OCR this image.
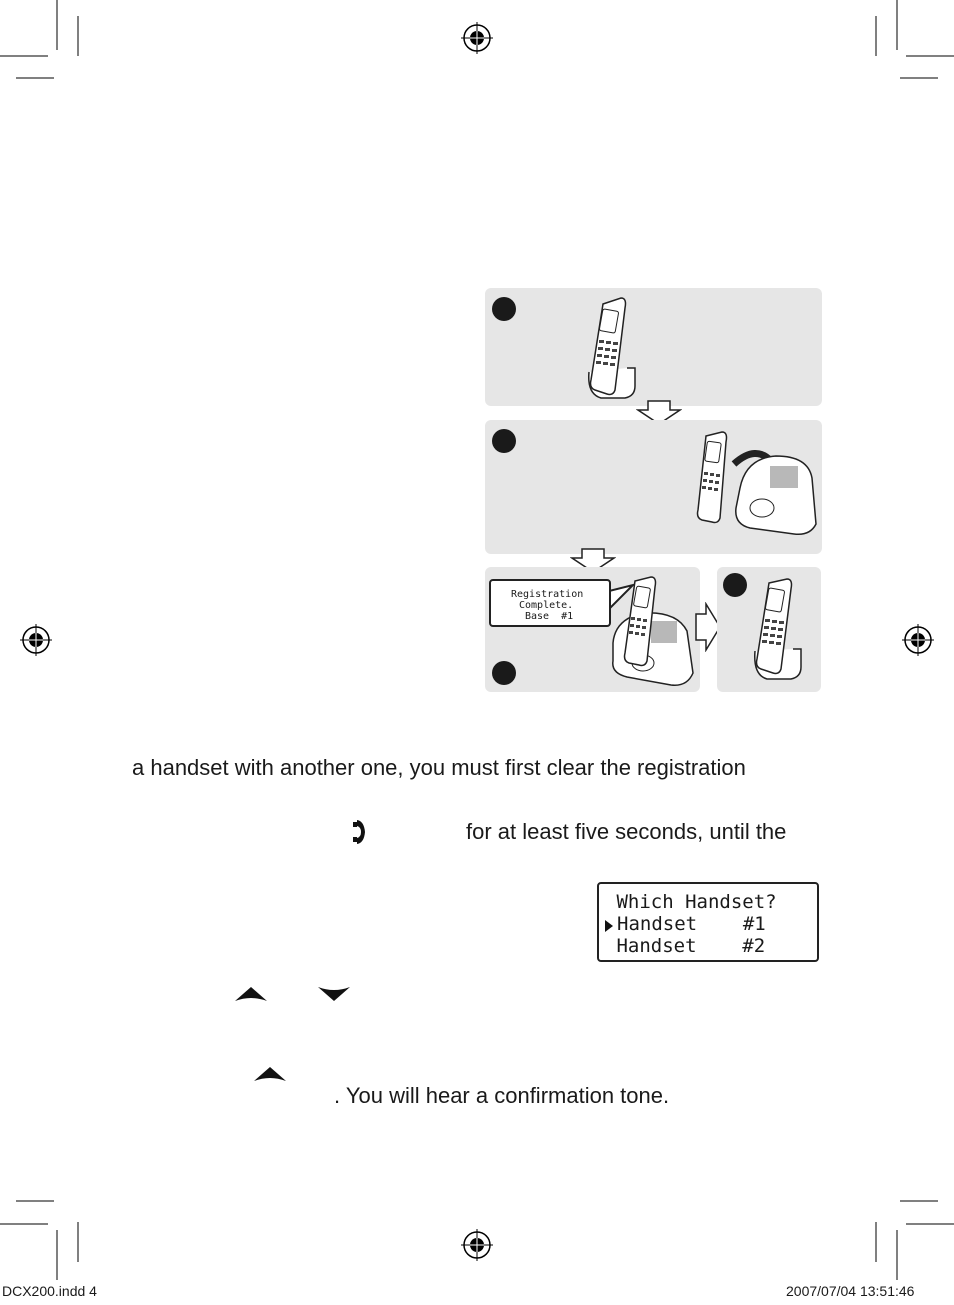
Registration
Complete.
Base  #1
a handset with another one, you must first clear the registration
for at least five seconds, until the
Which Handset?
Handset    #1
Handset    #2
. You will hear a confirmation tone.
DCX200.indd 4	2007/07/04 13:51:46
